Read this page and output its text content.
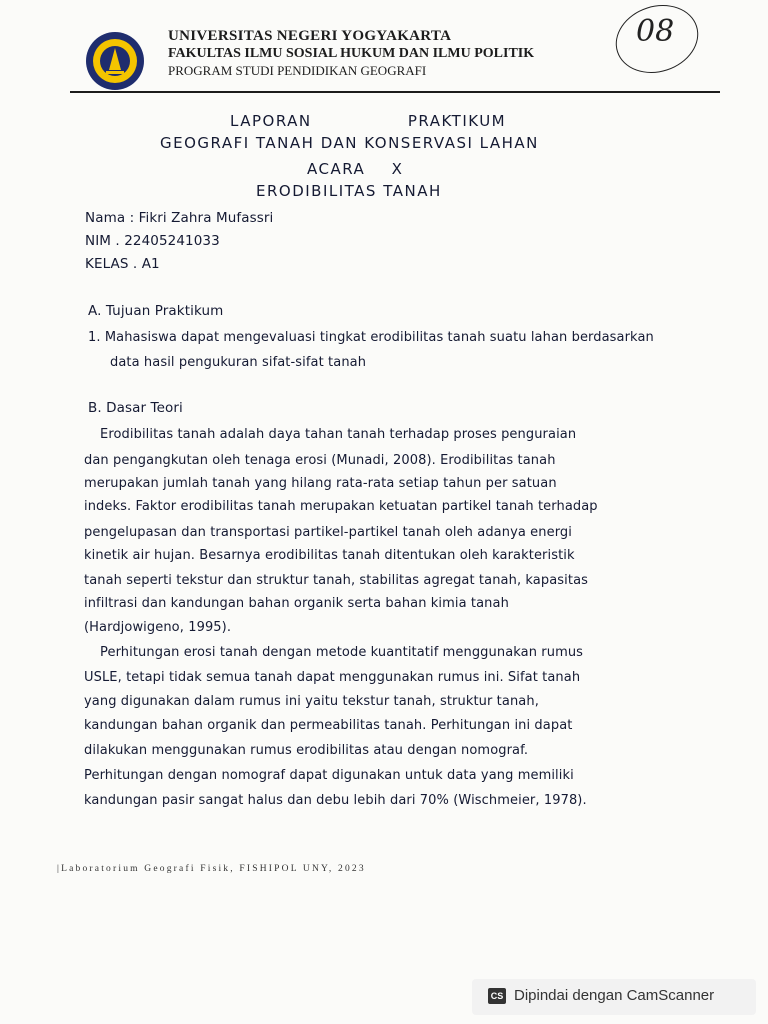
UNIVERSITAS NEGERI YOGYAKARTA
FAKULTAS ILMU SOSIAL HUKUM DAN ILMU POLITIK
PROGRAM STUDI PENDIDIKAN GEOGRAFI
08
LAPORAN PRAKTIKUM
GEOGRAFI TANAH DAN KONSERVASI LAHAN
ACARA X
ERODIBILITAS TANAH
Nama : Fikri Zahra Mufassri
NIM . 22405241033
KELAS . A1
A. Tujuan Praktikum
1. Mahasiswa dapat mengevaluasi tingkat erodibilitas tanah suatu lahan berdasarkan
data hasil pengukuran sifat-sifat tanah
B. Dasar Teori
Erodibilitas tanah adalah daya tahan tanah terhadap proses penguraian
dan pengangkutan oleh tenaga erosi (Munadi, 2008). Erodibilitas tanah
merupakan jumlah tanah yang hilang rata-rata setiap tahun per satuan
indeks. Faktor erodibilitas tanah merupakan ketuatan partikel tanah terhadap
pengelupasan dan transportasi partikel-partikel tanah oleh adanya energi
kinetik air hujan. Besarnya erodibilitas tanah ditentukan oleh karakteristik
tanah seperti tekstur dan struktur tanah, stabilitas agregat tanah, kapasitas
infiltrasi dan kandungan bahan organik serta bahan kimia tanah
(Hardjowigeno, 1995).
Perhitungan erosi tanah dengan metode kuantitatif menggunakan rumus
USLE, tetapi tidak semua tanah dapat menggunakan rumus ini. Sifat tanah
yang digunakan dalam rumus ini yaitu tekstur tanah, struktur tanah,
kandungan bahan organik dan permeabilitas tanah. Perhitungan ini dapat
dilakukan menggunakan rumus erodibilitas atau dengan nomograf.
Perhitungan dengan nomograf dapat digunakan untuk data yang memiliki
kandungan pasir sangat halus dan debu lebih dari 70% (Wischmeier, 1978).
|Laboratorium Geografi Fisik, FISHIPOL UNY, 2023
CS Dipindai dengan CamScanner
